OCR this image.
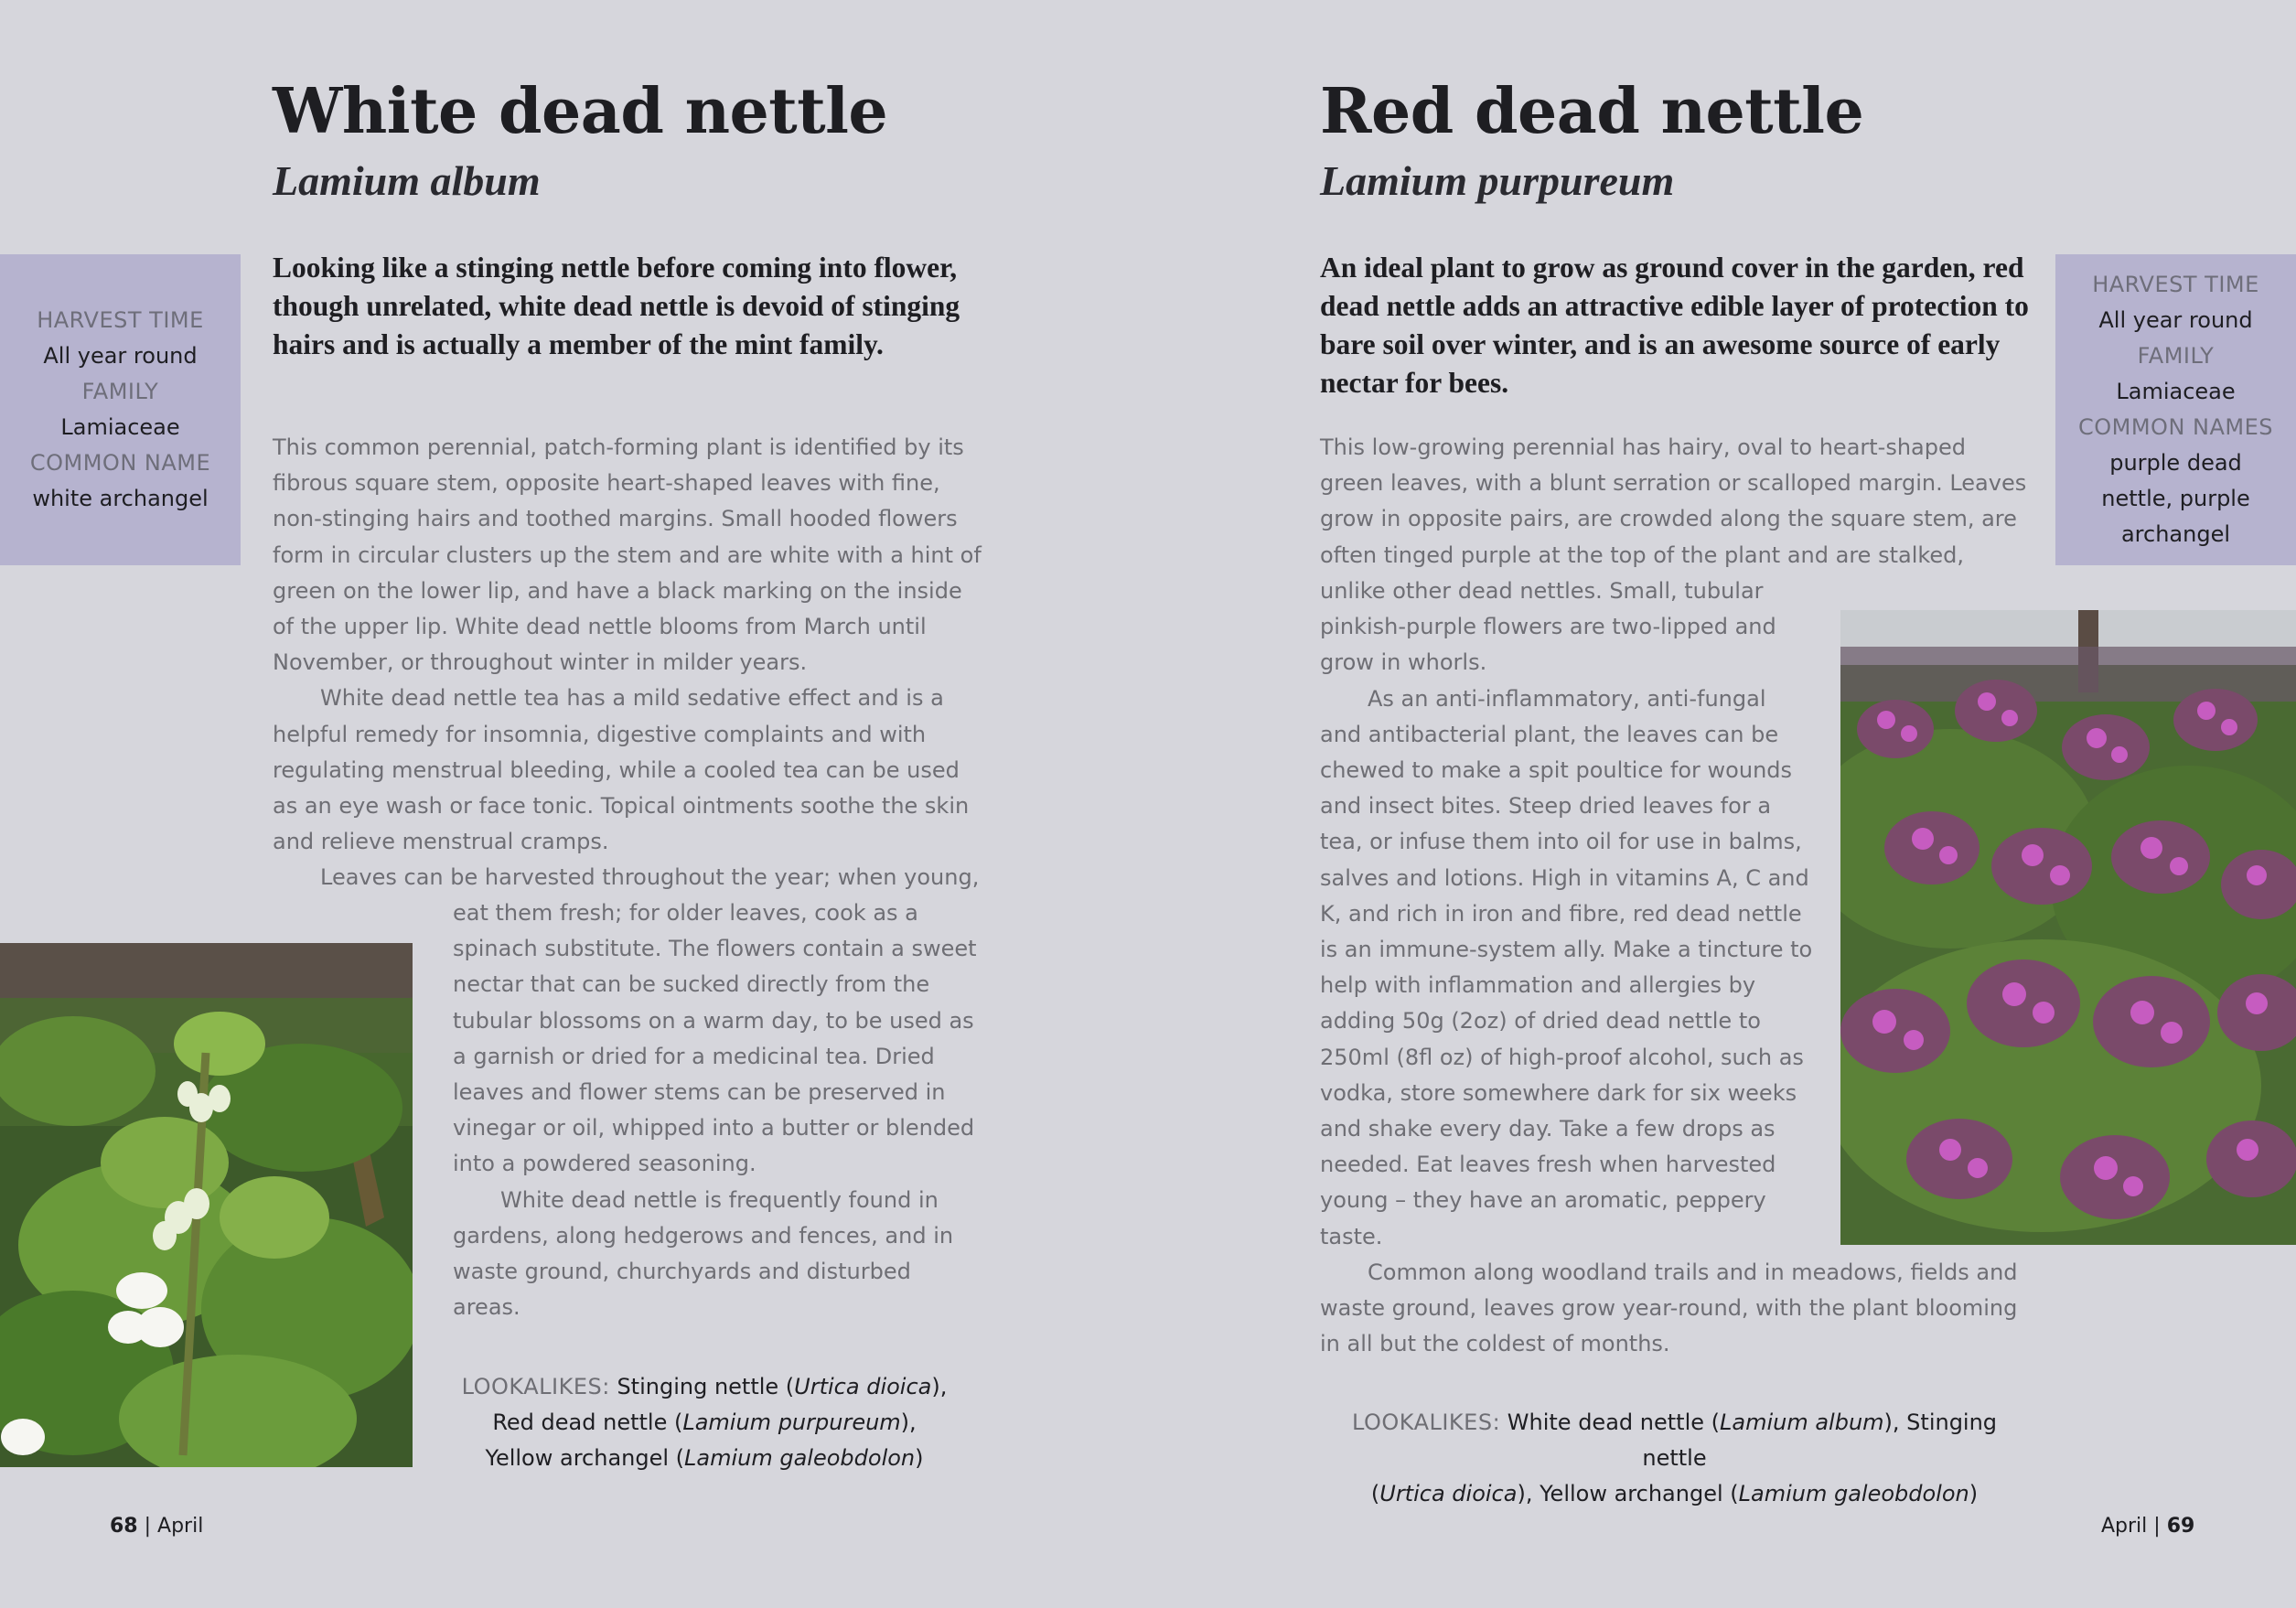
White dead nettle
Lamium album

Looking like a stinging nettle before coming into flower, though unrelated, white dead nettle is devoid of stinging hairs and is actually a member of the mint family.

HARVEST TIME
All year round
FAMILY
Lamiaceae
COMMON NAME
white archangel

This common perennial, patch-forming plant is identified by its fibrous square stem, opposite heart-shaped leaves with fine, non-stinging hairs and toothed margins. Small hooded flowers form in circular clusters up the stem and are white with a hint of green on the lower lip, and have a black marking on the inside of the upper lip. White dead nettle blooms from March until November, or throughout winter in milder years.

White dead nettle tea has a mild sedative effect and is a helpful remedy for insomnia, digestive complaints and with regulating menstrual bleeding, while a cooled tea can be used as an eye wash or face tonic. Topical ointments soothe the skin and relieve menstrual cramps.

Leaves can be harvested throughout the year; when young,

eat them fresh; for older leaves, cook as a spinach substitute. The flowers contain a sweet nectar that can be sucked directly from the tubular blossoms on a warm day, to be used as a garnish or dried for a medicinal tea. Dried leaves and flower stems can be preserved in vinegar or oil, whipped into a butter or blended into a powdered seasoning.

White dead nettle is frequently found in gardens, along hedgerows and fences, and in waste ground, churchyards and disturbed areas.

LOOKALIKES: Stinging nettle (Urtica dioica),
Red dead nettle (Lamium purpureum),
Yellow archangel (Lamium galeobdolon)
68 | April
Red dead nettle
Lamium purpureum

An ideal plant to grow as ground cover in the garden, red dead nettle adds an attractive edible layer of protection to bare soil over winter, and is an awesome source of early nectar for bees.

HARVEST TIME
All year round
FAMILY
Lamiaceae
COMMON NAMES
purple dead nettle, purple archangel

This low-growing perennial has hairy, oval to heart-shaped green leaves, with a blunt serration or scalloped margin. Leaves grow in opposite pairs, are crowded along the square stem, are often tinged purple at the top of the plant and are stalked,

unlike other dead nettles. Small, tubular pinkish-purple flowers are two-lipped and grow in whorls.

As an anti-inflammatory, anti-fungal and antibacterial plant, the leaves can be chewed to make a spit poultice for wounds and insect bites. Steep dried leaves for a tea, or infuse them into oil for use in balms, salves and lotions. High in vitamins A, C and K, and rich in iron and fibre, red dead nettle is an immune-system ally. Make a tincture to help with inflammation and allergies by adding 50g (2oz) of dried dead nettle to 250ml (8fl oz) of high-proof alcohol, such as vodka, store somewhere dark for six weeks and shake every day. Take a few drops as needed. Eat leaves fresh when harvested young – they have an aromatic, peppery taste.

Common along woodland trails and in meadows, fields and waste ground, leaves grow year-round, with the plant blooming in all but the coldest of months.

LOOKALIKES: White dead nettle (Lamium album), Stinging nettle
(Urtica dioica), Yellow archangel (Lamium galeobdolon)
April | 69
